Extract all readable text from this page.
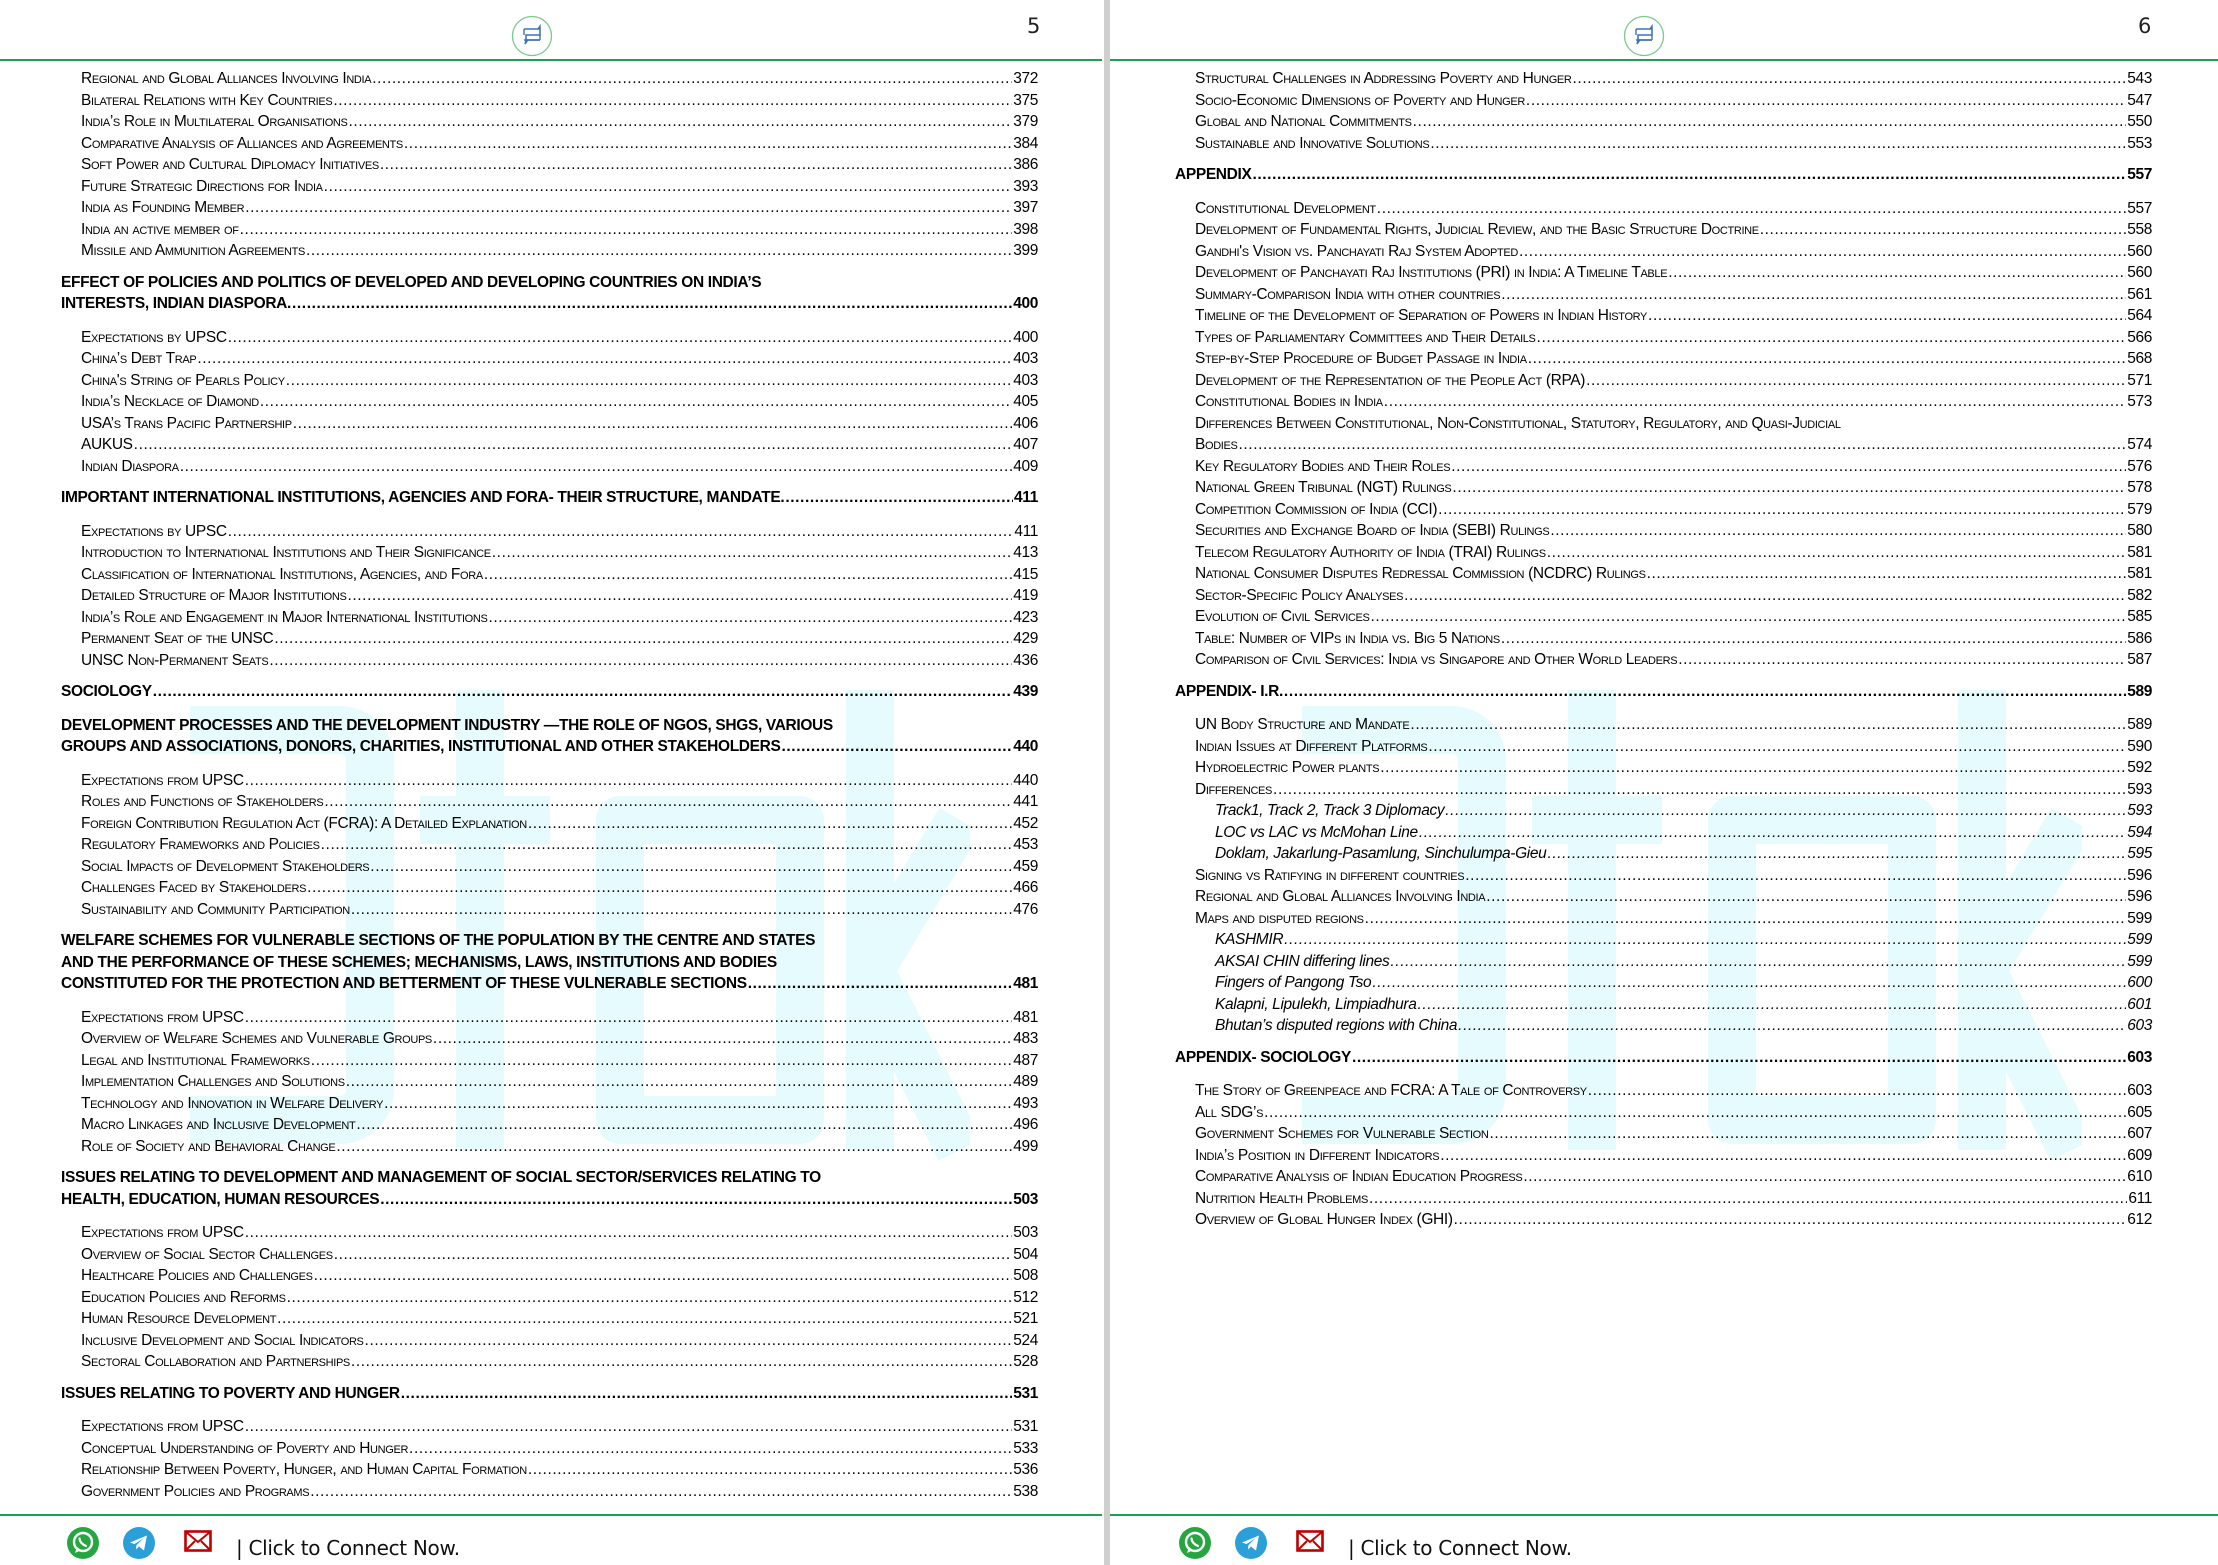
5
Regional and Global Alliances Involving India .....	372
Bilateral Relations with Key Countries .....	375
India’s Role in Multilateral Organisations .....	379
Comparative Analysis of Alliances and Agreements .....	384
Soft Power and Cultural Diplomacy Initiatives .....	386
Future Strategic Directions for India .....	393
India as Founding Member .....	397
India an active member of .....	398
Missile and Ammunition Agreements .....	399
EFFECT OF POLICIES AND POLITICS OF DEVELOPED AND DEVELOPING COUNTRIES ON INDIA’S
INTERESTS, INDIAN DIASPORA. .....	400
Expectations by UPSC .....	400
China’s Debt Trap .....	403
China's String of Pearls Policy .....	403
India’s Necklace of Diamond .....	405
USA’s Trans Pacific Partnership .....	406
AUKUS .....	407
Indian Diaspora .....	409
IMPORTANT INTERNATIONAL INSTITUTIONS, AGENCIES AND FORA- THEIR STRUCTURE, MANDATE. .....	411
Expectations by UPSC .....	411
Introduction to International Institutions and Their Significance .....	413
Classification of International Institutions, Agencies, and Fora .....	415
Detailed Structure of Major Institutions .....	419
India’s Role and Engagement in Major International Institutions .....	423
Permanent Seat of the UNSC .....	429
UNSC Non-Permanent Seats .....	436
SOCIOLOGY .....	439
DEVELOPMENT PROCESSES AND THE DEVELOPMENT INDUSTRY —THE ROLE OF NGOS, SHGS, VARIOUS
GROUPS AND ASSOCIATIONS, DONORS, CHARITIES, INSTITUTIONAL AND OTHER STAKEHOLDERS .....	440
Expectations from UPSC .....	440
Roles and Functions of Stakeholders .....	441
Foreign Contribution Regulation Act (FCRA): A Detailed Explanation .....	452
Regulatory Frameworks and Policies .....	453
Social Impacts of Development Stakeholders .....	459
Challenges Faced by Stakeholders .....	466
Sustainability and Community Participation .....	476
WELFARE SCHEMES FOR VULNERABLE SECTIONS OF THE POPULATION BY THE CENTRE AND STATES
AND THE PERFORMANCE OF THESE SCHEMES; MECHANISMS, LAWS, INSTITUTIONS AND BODIES
CONSTITUTED FOR THE PROTECTION AND BETTERMENT OF THESE VULNERABLE SECTIONS .....	481
Expectations from UPSC .....	481
Overview of Welfare Schemes and Vulnerable Groups .....	483
Legal and Institutional Frameworks .....	487
Implementation Challenges and Solutions .....	489
Technology and Innovation in Welfare Delivery .....	493
Macro Linkages and Inclusive Development .....	496
Role of Society and Behavioral Change .....	499
ISSUES RELATING TO DEVELOPMENT AND MANAGEMENT OF SOCIAL SECTOR/SERVICES RELATING TO
HEALTH, EDUCATION, HUMAN RESOURCES .....	503
Expectations from UPSC .....	503
Overview of Social Sector Challenges .....	504
Healthcare Policies and Challenges .....	508
Education Policies and Reforms .....	512
Human Resource Development .....	521
Inclusive Development and Social Indicators .....	524
Sectoral Collaboration and Partnerships .....	528
ISSUES RELATING TO POVERTY AND HUNGER .....	531
Expectations from UPSC .....	531
Conceptual Understanding of Poverty and Hunger .....	533
Relationship Between Poverty, Hunger, and Human Capital Formation .....	536
Government Policies and Programs .....	538
| Click to Connect Now.
6
Structural Challenges in Addressing Poverty and Hunger .....	543
Socio-Economic Dimensions of Poverty and Hunger .....	547
Global and National Commitments .....	550
Sustainable and Innovative Solutions .....	553
APPENDIX .....	557
Constitutional Development .....	557
Development of Fundamental Rights, Judicial Review, and the Basic Structure Doctrine .....	558
Gandhi's Vision vs. Panchayati Raj System Adopted .....	560
Development of Panchayati Raj Institutions (PRI) in India: A Timeline Table .....	560
Summary-Comparison India with other countries .....	561
Timeline of the Development of Separation of Powers in Indian History .....	564
Types of Parliamentary Committees and Their Details .....	566
Step-by-Step Procedure of Budget Passage in India .....	568
Development of the Representation of the People Act (RPA) .....	571
Constitutional Bodies in India .....	573
Differences Between Constitutional, Non-Constitutional, Statutory, Regulatory, and Quasi-Judicial
Bodies .....	574
Key Regulatory Bodies and Their Roles .....	576
National Green Tribunal (NGT) Rulings .....	578
Competition Commission of India (CCI) .....	579
Securities and Exchange Board of India (SEBI) Rulings .....	580
Telecom Regulatory Authority of India (TRAI) Rulings .....	581
National Consumer Disputes Redressal Commission (NCDRC) Rulings .....	581
Sector-Specific Policy Analyses .....	582
Evolution of Civil Services .....	585
Table: Number of VIPs in India vs. Big 5 Nations .....	586
Comparison of Civil Services: India vs Singapore and Other World Leaders .....	587
APPENDIX- I.R. .....	589
UN Body Structure and Mandate .....	589
Indian Issues at Different Platforms .....	590
Hydroelectric Power plants .....	592
Differences .....	593
Track1, Track 2, Track 3 Diplomacy .....	593
LOC vs LAC vs McMohan Line .....	594
Doklam, Jakarlung-Pasamlung, Sinchulumpa-Gieu .....	595
Signing vs Ratifying in different countries .....	596
Regional and Global Alliances Involving India .....	596
Maps and disputed regions .....	599
KASHMIR .....	599
AKSAI CHIN differing lines .....	599
Fingers of Pangong Tso .....	600
Kalapni, Lipulekh, Limpiadhura .....	601
Bhutan’s disputed regions with China .....	603
APPENDIX- SOCIOLOGY .....	603
The Story of Greenpeace and FCRA: A Tale of Controversy .....	603
All SDG’s .....	605
Government Schemes for Vulnerable Section .....	607
India’s Position in Different Indicators .....	609
Comparative Analysis of Indian Education Progress .....	610
Nutrition Health Problems .....	611
Overview of Global Hunger Index (GHI) .....	612
| Click to Connect Now.
